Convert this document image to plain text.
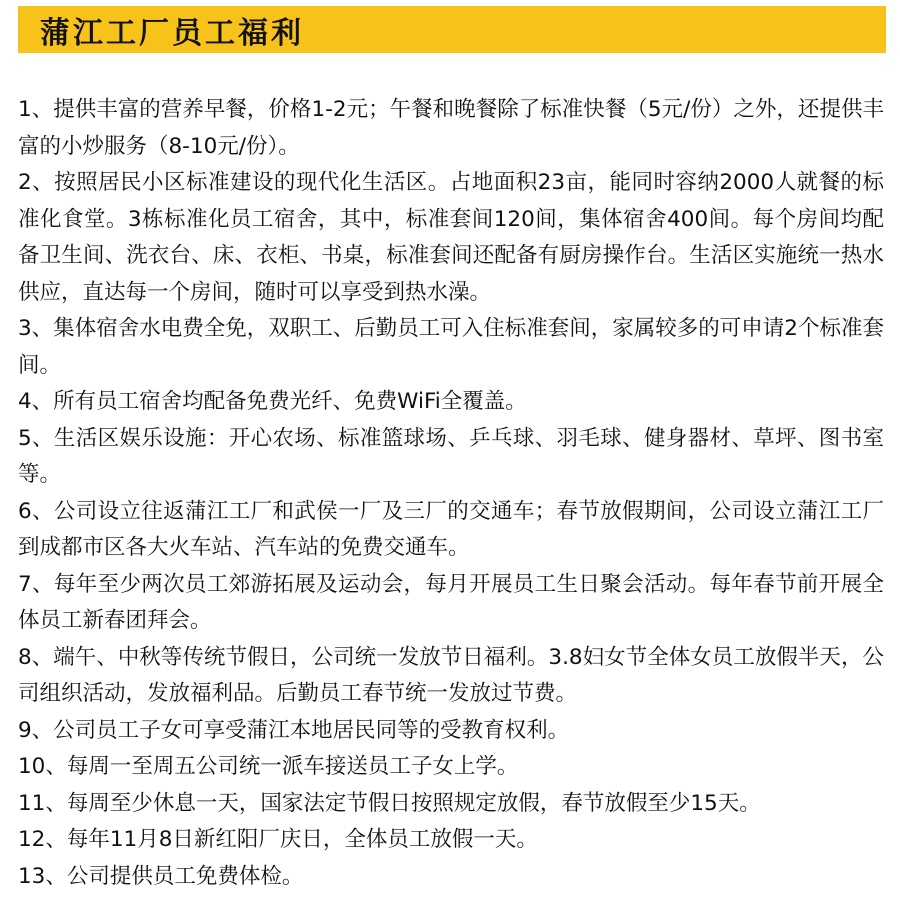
蒲江工厂员工福利

1、提供丰富的营养早餐，价格1-2元；午餐和晚餐除了标准快餐（5元/份）之外，还提供丰富的小炒服务（8-10元/份）。

2、按照居民小区标准建设的现代化生活区。占地面积23亩，能同时容纳2000人就餐的标准化食堂。3栋标准化员工宿舍，其中，标准套间120间，集体宿舍400间。每个房间均配备卫生间、洗衣台、床、衣柜、书桌，标准套间还配备有厨房操作台。生活区实施统一热水供应，直达每一个房间，随时可以享受到热水澡。

3、集体宿舍水电费全免，双职工、后勤员工可入住标准套间，家属较多的可申请2个标准套间。

4、所有员工宿舍均配备免费光纤、免费WiFi全覆盖。

5、生活区娱乐设施：开心农场、标准篮球场、乒乓球、羽毛球、健身器材、草坪、图书室等。

6、公司设立往返蒲江工厂和武侯一厂及三厂的交通车；春节放假期间，公司设立蒲江工厂到成都市区各大火车站、汽车站的免费交通车。

7、每年至少两次员工郊游拓展及运动会，每月开展员工生日聚会活动。每年春节前开展全体员工新春团拜会。

8、端午、中秋等传统节假日，公司统一发放节日福利。3.8妇女节全体女员工放假半天，公司组织活动，发放福利品。后勤员工春节统一发放过节费。

9、公司员工子女可享受蒲江本地居民同等的受教育权利。

10、每周一至周五公司统一派车接送员工子女上学。

11、每周至少休息一天，国家法定节假日按照规定放假，春节放假至少15天。

12、每年11月8日新红阳厂庆日，全体员工放假一天。

13、公司提供员工免费体检。
